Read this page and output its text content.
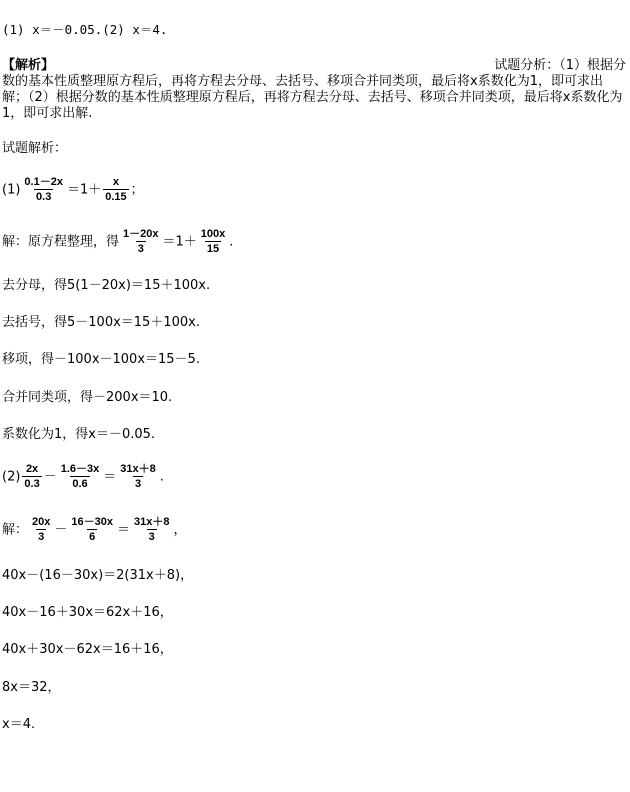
(1) x＝－0.05.(2) x＝4.
【解析】	试题分析：（1）根据分
数的基本性质整理原方程后，再将方程去分母、去括号、移项合并同类项，最后将x系数化为1，即可求出解；（2）根据分数的基本性质整理原方程后，再将方程去分母、去括号、移项合并同类项，最后将x系数化为1，即可求出解.
试题解析：
$(1) \frac{0.1-2x}{0.3} =1+ \frac{x}{0.15}$ ；
解：原方程整理，得 $\frac{1-20x}{3} =1+ \frac{100x}{15}$ .
去分母，得5(1－20x)＝15＋100x.
去括号，得5－100x＝15＋100x.
移项，得－100x－100x＝15－5.
合并同类项，得－200x＝10.
系数化为1，得x＝－0.05.
$(2) \frac{2x}{0.3} - \frac{1.6-3x}{0.6} = \frac{31x+8}{3}$ .
解： $\frac{20x}{3} - \frac{16-30x}{6} = \frac{31x+8}{3}$ ，
40x－(16－30x)＝2(31x＋8)，
40x－16＋30x＝62x＋16，
40x＋30x－62x＝16＋16，
8x＝32，
x＝4.
